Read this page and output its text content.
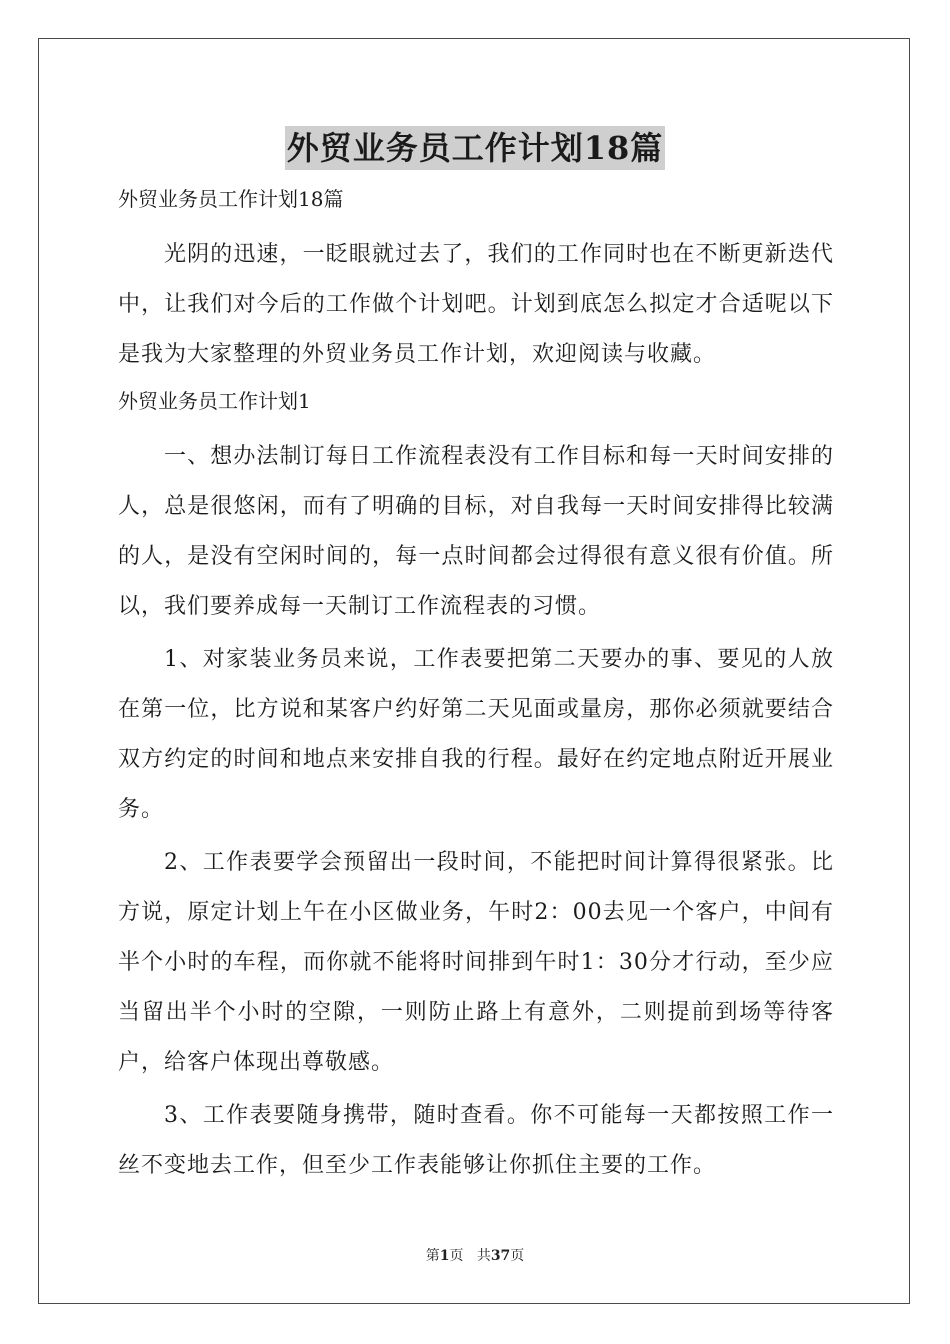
外贸业务员工作计划18篇
外贸业务员工作计划18篇

光阴的迅速，一眨眼就过去了，我们的工作同时也在不断更新迭代中，让我们对今后的工作做个计划吧。计划到底怎么拟定才合适呢以下是我为大家整理的外贸业务员工作计划，欢迎阅读与收藏。

外贸业务员工作计划1

一、想办法制订每日工作流程表没有工作目标和每一天时间安排的人，总是很悠闲，而有了明确的目标，对自我每一天时间安排得比较满的人，是没有空闲时间的，每一点时间都会过得很有意义很有价值。所以，我们要养成每一天制订工作流程表的习惯。

1、对家装业务员来说，工作表要把第二天要办的事、要见的人放在第一位，比方说和某客户约好第二天见面或量房，那你必须就要结合双方约定的时间和地点来安排自我的行程。最好在约定地点附近开展业务。

2、工作表要学会预留出一段时间，不能把时间计算得很紧张。比方说，原定计划上午在小区做业务，午时2：00去见一个客户，中间有半个小时的车程，而你就不能将时间排到午时1：30分才行动，至少应当留出半个小时的空隙，一则防止路上有意外，二则提前到场等待客户，给客户体现出尊敬感。

3、工作表要随身携带，随时查看。你不可能每一天都按照工作一丝不变地去工作，但至少工作表能够让你抓住主要的工作。

第1页 共37页
